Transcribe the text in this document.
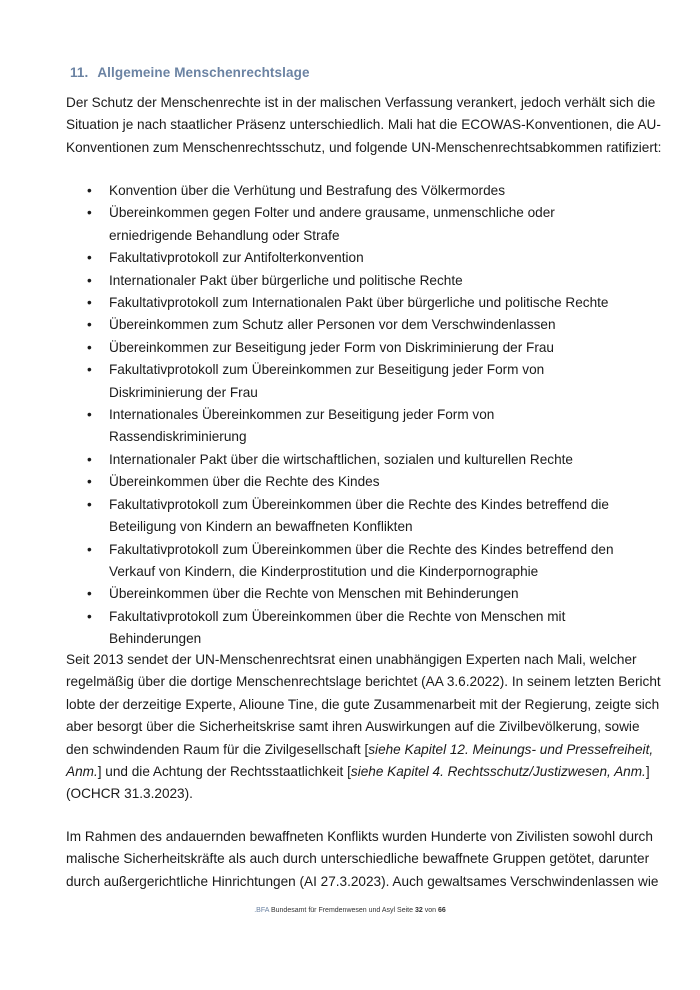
11. Allgemeine Menschenrechtslage
Der Schutz der Menschenrechte ist in der malischen Verfassung verankert, jedoch verhält sich die
Situation je nach staatlicher Präsenz unterschiedlich. Mali hat die ECOWAS-Konventionen, die AU-
Konventionen zum Menschenrechtsschutz, und folgende UN-Menschenrechtsabkommen ratifiziert:
• Konvention über die Verhütung und Bestrafung des Völkermordes
• Übereinkommen gegen Folter und andere grausame, unmenschliche oder erniedrigende Behandlung oder Strafe
• Fakultativprotokoll zur Antifolterkonvention
• Internationaler Pakt über bürgerliche und politische Rechte
• Fakultativprotokoll zum Internationalen Pakt über bürgerliche und politische Rechte
• Übereinkommen zum Schutz aller Personen vor dem Verschwindenlassen
• Übereinkommen zur Beseitigung jeder Form von Diskriminierung der Frau
• Fakultativprotokoll zum Übereinkommen zur Beseitigung jeder Form von Diskriminierung der Frau
• Internationales Übereinkommen zur Beseitigung jeder Form von Rassendiskriminierung
• Internationaler Pakt über die wirtschaftlichen, sozialen und kulturellen Rechte
• Übereinkommen über die Rechte des Kindes
• Fakultativprotokoll zum Übereinkommen über die Rechte des Kindes betreffend die Beteiligung von Kindern an bewaffneten Konflikten
• Fakultativprotokoll zum Übereinkommen über die Rechte des Kindes betreffend den Verkauf von Kindern, die Kinderprostitution und die Kinderpornographie
• Übereinkommen über die Rechte von Menschen mit Behinderungen
• Fakultativprotokoll zum Übereinkommen über die Rechte von Menschen mit Behinderungen
Seit 2013 sendet der UN-Menschenrechtsrat einen unabhängigen Experten nach Mali, welcher
regelmäßig über die dortige Menschenrechtslage berichtet (AA 3.6.2022). In seinem letzten Bericht
lobte der derzeitige Experte, Alioune Tine, die gute Zusammenarbeit mit der Regierung, zeigte sich
aber besorgt über die Sicherheitskrise samt ihren Auswirkungen auf die Zivilbevölkerung, sowie
den schwindenden Raum für die Zivilgesellschaft [siehe Kapitel 12. Meinungs- und Pressefreiheit,
Anm.] und die Achtung der Rechtsstaatlichkeit [siehe Kapitel 4. Rechtsschutz/Justizwesen, Anm.]
(OCHCR 31.3.2023).
Im Rahmen des andauernden bewaffneten Konflikts wurden Hunderte von Zivilisten sowohl durch
malische Sicherheitskräfte als auch durch unterschiedliche bewaffnete Gruppen getötet, darunter
durch außergerichtliche Hinrichtungen (AI 27.3.2023). Auch gewaltsames Verschwindenlassen wie
.BFA Bundesamt für Fremdenwesen und Asyl Seite 32 von 66
